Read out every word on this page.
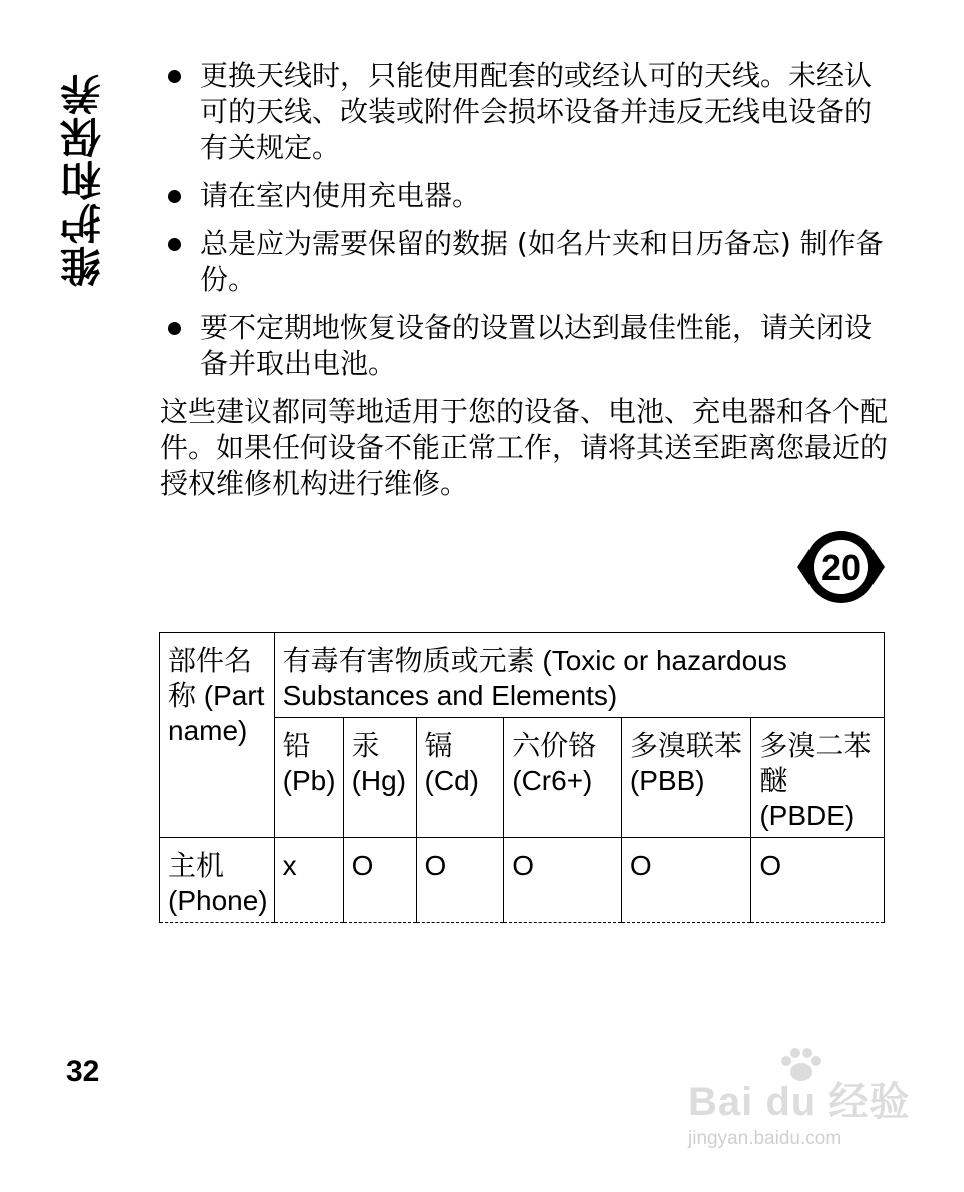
维护和保养	更换天线时，只能使用配套的或经认可的天线。未经认可的天线、改装或附件会损坏设备并违反无线电设备的有关规定。
请在室内使用充电器。
总是应为需要保留的数据 (如名片夹和日历备忘) 制作备份。
要不定期地恢复设备的设置以达到最佳性能，请关闭设备并取出电池。
这些建议都同等地适用于您的设备、电池、充电器和各个配件。如果任何设备不能正常工作，请将其送至距离您最近的授权维修机构进行维修。
20
部件名称 (Part name)	有毒有害物质或元素 (Toxic or hazardous Substances and Elements)					
	铅 (Pb)	汞 (Hg)	镉 (Cd)	六价铬 (Cr6+)	多溴联苯 (PBB)	多溴二苯醚 (PBDE)
主机 (Phone)	x	O	O	O	O	O
32
Bai du 经验
jingyan.baidu.com
